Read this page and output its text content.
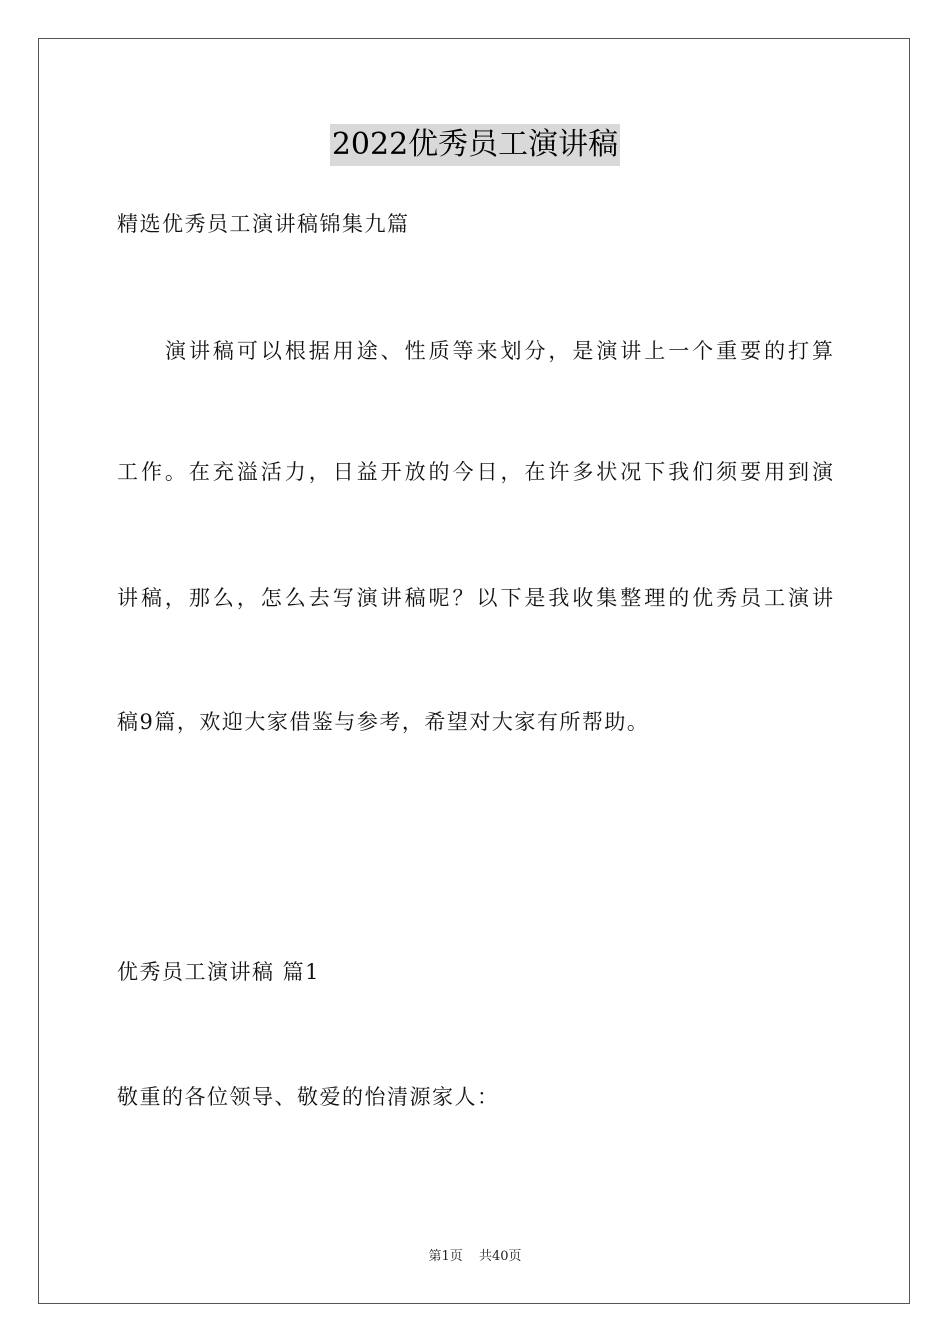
2022优秀员工演讲稿
精选优秀员工演讲稿锦集九篇
演讲稿可以根据用途、性质等来划分，是演讲上一个重要的打算
工作。在充溢活力，日益开放的今日，在许多状况下我们须要用到演
讲稿，那么，怎么去写演讲稿呢？以下是我收集整理的优秀员工演讲
稿9篇，欢迎大家借鉴与参考，希望对大家有所帮助。
优秀员工演讲稿 篇1
敬重的各位领导、敬爱的怡清源家人：
第1页 共40页
